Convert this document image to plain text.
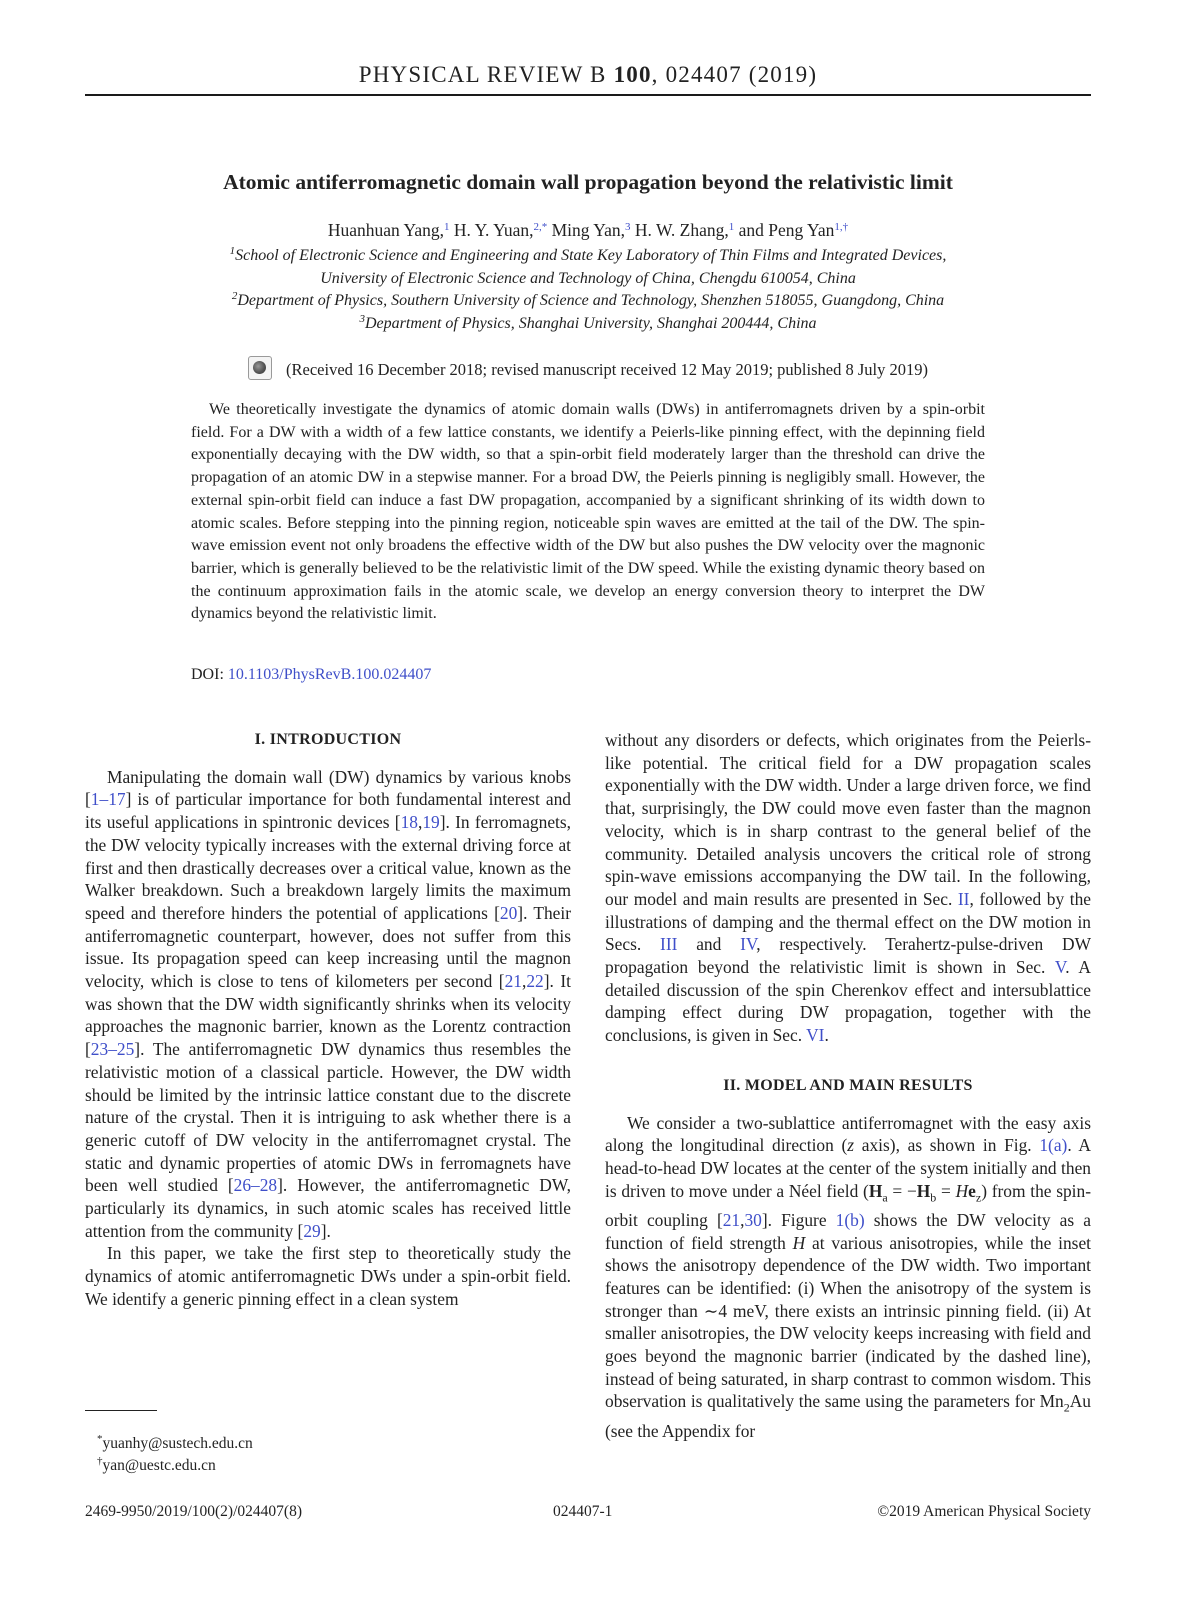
PHYSICAL REVIEW B 100, 024407 (2019)
Atomic antiferromagnetic domain wall propagation beyond the relativistic limit
Huanhuan Yang,$^1$ H. Y. Yuan,$^{2,*}$ Ming Yan,$^3$ H. W. Zhang,$^1$ and Peng Yan$^{1,\dagger}$
$^1$School of Electronic Science and Engineering and State Key Laboratory of Thin Films and Integrated Devices,
University of Electronic Science and Technology of China, Chengdu 610054, China
$^2$Department of Physics, Southern University of Science and Technology, Shenzhen 518055, Guangdong, China
$^3$Department of Physics, Shanghai University, Shanghai 200444, China
(Received 16 December 2018; revised manuscript received 12 May 2019; published 8 July 2019)
We theoretically investigate the dynamics of atomic domain walls (DWs) in antiferromagnets driven by a spin-orbit field. For a DW with a width of a few lattice constants, we identify a Peierls-like pinning effect, with the depinning field exponentially decaying with the DW width, so that a spin-orbit field moderately larger than the threshold can drive the propagation of an atomic DW in a stepwise manner. For a broad DW, the Peierls pinning is negligibly small. However, the external spin-orbit field can induce a fast DW propagation, accompanied by a significant shrinking of its width down to atomic scales. Before stepping into the pinning region, noticeable spin waves are emitted at the tail of the DW. The spin-wave emission event not only broadens the effective width of the DW but also pushes the DW velocity over the magnonic barrier, which is generally believed to be the relativistic limit of the DW speed. While the existing dynamic theory based on the continuum approximation fails in the atomic scale, we develop an energy conversion theory to interpret the DW dynamics beyond the relativistic limit.
DOI: 10.1103/PhysRevB.100.024407

I. INTRODUCTION

Manipulating the domain wall (DW) dynamics by various knobs [1–17] is of particular importance for both fundamental interest and its useful applications in spintronic devices [18,19]. In ferromagnets, the DW velocity typically increases with the external driving force at first and then drastically decreases over a critical value, known as the Walker breakdown. Such a breakdown largely limits the maximum speed and therefore hinders the potential of applications [20]. Their antiferromagnetic counterpart, however, does not suffer from this issue. Its propagation speed can keep increasing until the magnon velocity, which is close to tens of kilometers per second [21,22]. It was shown that the DW width significantly shrinks when its velocity approaches the magnonic barrier, known as the Lorentz contraction [23–25]. The antiferromagnetic DW dynamics thus resembles the relativistic motion of a classical particle. However, the DW width should be limited by the intrinsic lattice constant due to the discrete nature of the crystal. Then it is intriguing to ask whether there is a generic cutoff of DW velocity in the antiferromagnet crystal. The static and dynamic properties of atomic DWs in ferromagnets have been well studied [26–28]. However, the antiferromagnetic DW, particularly its dynamics, in such atomic scales has received little attention from the community [29].

In this paper, we take the first step to theoretically study the dynamics of atomic antiferromagnetic DWs under a spin-orbit field. We identify a generic pinning effect in a clean system

without any disorders or defects, which originates from the Peierls-like potential. The critical field for a DW propagation scales exponentially with the DW width. Under a large driven force, we find that, surprisingly, the DW could move even faster than the magnon velocity, which is in sharp contrast to the general belief of the community. Detailed analysis uncovers the critical role of strong spin-wave emissions accompanying the DW tail. In the following, our model and main results are presented in Sec. II, followed by the illustrations of damping and the thermal effect on the DW motion in Secs. III and IV, respectively. Terahertz-pulse-driven DW propagation beyond the relativistic limit is shown in Sec. V. A detailed discussion of the spin Cherenkov effect and intersublattice damping effect during DW propagation, together with the conclusions, is given in Sec. VI.

II. MODEL AND MAIN RESULTS

We consider a two-sublattice antiferromagnet with the easy axis along the longitudinal direction (z axis), as shown in Fig. 1(a). A head-to-head DW locates at the center of the system initially and then is driven to move under a Néel field $(H_a = -H_b = He_z)$ from the spin-orbit coupling [21,30]. Figure 1(b) shows the DW velocity as a function of field strength H at various anisotropies, while the inset shows the anisotropy dependence of the DW width. Two important features can be identified: (i) When the anisotropy of the system is stronger than ∼4 meV, there exists an intrinsic pinning field. (ii) At smaller anisotropies, the DW velocity keeps increasing with field and goes beyond the magnonic barrier (indicated by the dashed line), instead of being saturated, in sharp contrast to common wisdom. This observation is qualitatively the same using the parameters for $Mn_2Au$ (see the Appendix for

*yuanhy@sustech.edu.cn
†yan@uestc.edu.cn
2469-9950/2019/100(2)/024407(8)	024407-1	©2019 American Physical Society
